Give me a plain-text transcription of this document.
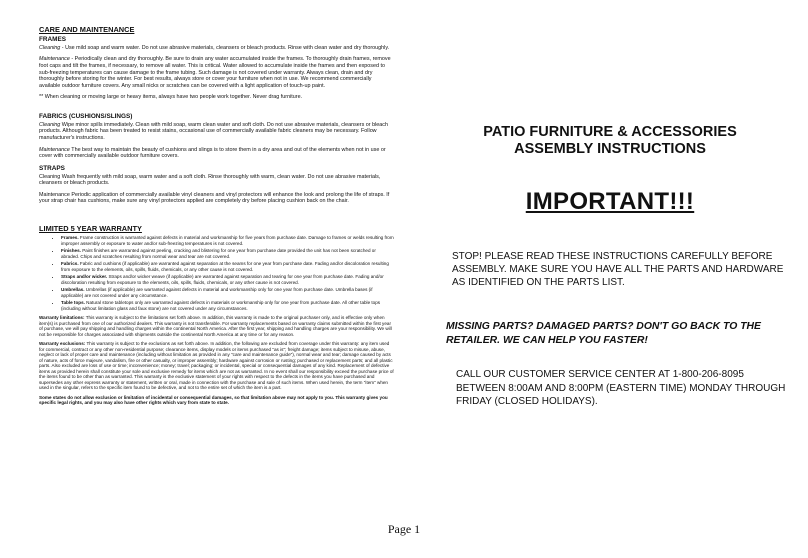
CARE AND MAINTENANCE
FRAMES

Cleaning - Use mild soap and warm water. Do not use abrasive materials, cleansers or bleach products. Rinse with clean water and dry thoroughly.

Maintenance - Periodically clean and dry thoroughly. Be sure to drain any water accumulated inside the frames. To thoroughly drain frames, remove foot caps and tilt the frames, if necessary, to remove all water. This is critical. Water allowed to accumulate inside the frames and then exposed to sub-freezing temperatures can cause damage to the frame tubing. Such damage is not covered under warranty. Always clean, drain and dry thoroughly before storing for the winter. For best results, always store or cover your furniture when not in use. We recommend commercially available outdoor furniture covers. Any small nicks or scratches can be covered with a light application of touch-up paint.

** When cleaning or moving large or heavy items, always have two people work together. Never drag furniture.

FABRICS (CUSHIONS/SLINGS)

Cleaning Wipe minor spills immediately. Clean with mild soap, warm clean water and soft cloth. Do not use abrasive materials, cleansers or bleach products. Although fabric has been treated to resist stains, occasional use of commercially available fabric cleaners may be necessary. Follow manufacturer's instructions.

Maintenance The best way to maintain the beauty of cushions and slings is to store them in a dry area and out of the elements when not in use or cover with commercially available outdoor furniture covers.

STRAPS

Cleaning Wash frequently with mild soap, warm water and a soft cloth. Rinse thoroughly with warm, clean water. Do not use abrasive materials, cleansers or bleach products.

Maintenance Periodic application of commercially available vinyl cleaners and vinyl protectors will enhance the look and prolong the life of straps. If your strap chair has cushions, make sure any vinyl protectors applied are completely dry before placing cushion back on the chair.

LIMITED 5 YEAR WARRANTY
• Frames. Frame construction is warranted against defects in material and workmanship for five years from purchase date. Damage to frames or welds resulting from improper assembly or exposure to water and/or sub-freezing temperatures is not covered.
• Finishes. Paint finishes are warranted against peeling, cracking and blistering for one year from purchase date provided the unit has not been scratched or abraded. Chips and scratches resulting from normal wear and tear are not covered.
• Fabrics. Fabric and cushions (if applicable) are warranted against separation at the seams for one year from purchase date. Fading and/or discoloration resulting from exposure to the elements, oils, spills, fluids, chemicals, or any other cause is not covered.
• Straps and/or wicker. Straps and/or wicker weave (if applicable) are warranted against separation and tearing for one year from purchase date. Fading and/or discoloration resulting from exposure to the elements, oils, spills, fluids, chemicals, or any other cause is not covered.
• Umbrellas. Umbrellas (if applicable) are warranted against defects in material and workmanship only for one year from purchase date. Umbrella bases (if applicable) are not covered under any circumstance.
• Table tops. Natural stone tabletops only are warranted against defects in materials or workmanship only for one year from purchase date. All other table tops (including without limitation glass and faux stone) are not covered under any circumstances.

Warranty limitations: This warranty is subject to the limitations set forth above. In addition, this warranty is made to the original purchaser only, and is effective only when item(s) is purchased from one of our authorized dealers. This warranty is not transferable. For warranty replacements based on warranty claims submitted within the first year of purchase, we will pay shipping and handling charges within the continental North America. After the first year, shipping and handling charges are your responsibility. We will not be responsible for charges associated with shipments outside the continental North America at any time or for any reason.

Warranty exclusions: This warranty is subject to the exclusions as set forth above. In addition, the following are excluded from coverage under this warranty: any item used for commercial, contract or any other non-residential purpose; clearance items, display models or items purchased "as is"; freight damage; items subject to misuse, abuse, neglect or lack of proper care and maintenance (including without limitation as provided in any "care and maintenance guide"), normal wear and tear; damage caused by acts of nature, acts of force majeure, vandalism, fire or other casualty, or improper assembly; hardware against corrosion or rusting; purchased or replacement parts; and all plastic parts. Also excluded are loss of use or time; inconvenience; money; travel; packaging; or incidental, special or consequential damages of any kind. Replacement of defective items as provided herein shall constitute your sole and exclusive remedy for items which are not as warranted. In no event shall our responsibility exceed the purchase price of the items found to be other than as warranted. This warranty is the exclusive statement of your rights with respect to the defects in the items you have purchased and supersedes any other express warranty or statement, written or oral, made in connection with the purchase and sale of such items. When used herein, the term "item" when used in the singular, refers to the specific item found to be defective, and not to the entire set of which the item is a part.

Some states do not allow exclusion or limitation of incidental or consequential damages, so that limitation above may not apply to you. This warranty gives you specific legal rights, and you may also have other rights which vary from state to state.

PATIO FURNITURE & ACCESSORIES
ASSEMBLY INSTRUCTIONS
IMPORTANT!!!
STOP! PLEASE READ THESE INSTRUCTIONS CAREFULLY BEFORE ASSEMBLY. MAKE SURE YOU HAVE ALL THE PARTS AND HARDWARE AS IDENTIFIED ON THE PARTS LIST.
MISSING PARTS? DAMAGED PARTS? DON'T GO BACK TO THE RETAILER. WE CAN HELP YOU FASTER!
CALL OUR CUSTOMER SERVICE CENTER AT 1-800-206-8095 BETWEEN 8:00AM AND 8:00PM (EASTERN TIME) MONDAY THROUGH FRIDAY (CLOSED HOLIDAYS).
Page 1
